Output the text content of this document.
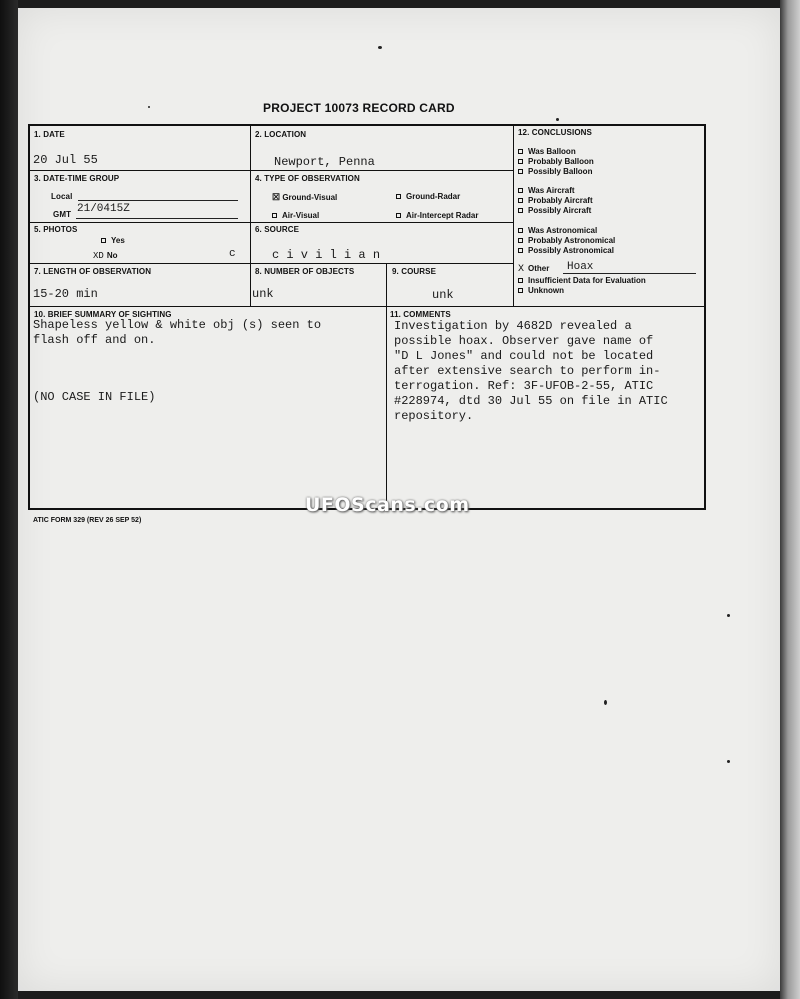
PROJECT 10073 RECORD CARD
1. DATE
20 Jul 55
2. LOCATION
Newport, Penna
3. DATE-TIME GROUP
Local
GMT 21/0415Z
4. TYPE OF OBSERVATION
☒ Ground-Visual	Ground-Radar
Air-Visual	Air-Intercept Radar
5. PHOTOS
Yes
XD No	c
6. SOURCE
c i v i l i a n
7. LENGTH OF OBSERVATION
15-20 min
8. NUMBER OF OBJECTS
unk
9. COURSE
unk
12. CONCLUSIONS
Was Balloon
Probably Balloon
Possibly Balloon
Was Aircraft
Probably Aircraft
Possibly Aircraft
Was Astronomical
Probably Astronomical
Possibly Astronomical
X Other Hoax
Insufficient Data for Evaluation
Unknown
10. BRIEF SUMMARY OF SIGHTING
Shapeless yellow & white obj (s) seen to
flash off and on.
(NO CASE IN FILE)
11. COMMENTS
Investigation by 4682D revealed a
possible hoax. Observer gave name of
"D L Jones" and could not be located
after extensive search to perform in-
terrogation. Ref: 3F-UFOB-2-55, ATIC
#228974, dtd 30 Jul 55 on file in ATIC
repository.
UFOScans.com
ATIC FORM 329 (REV 26 SEP 52)
